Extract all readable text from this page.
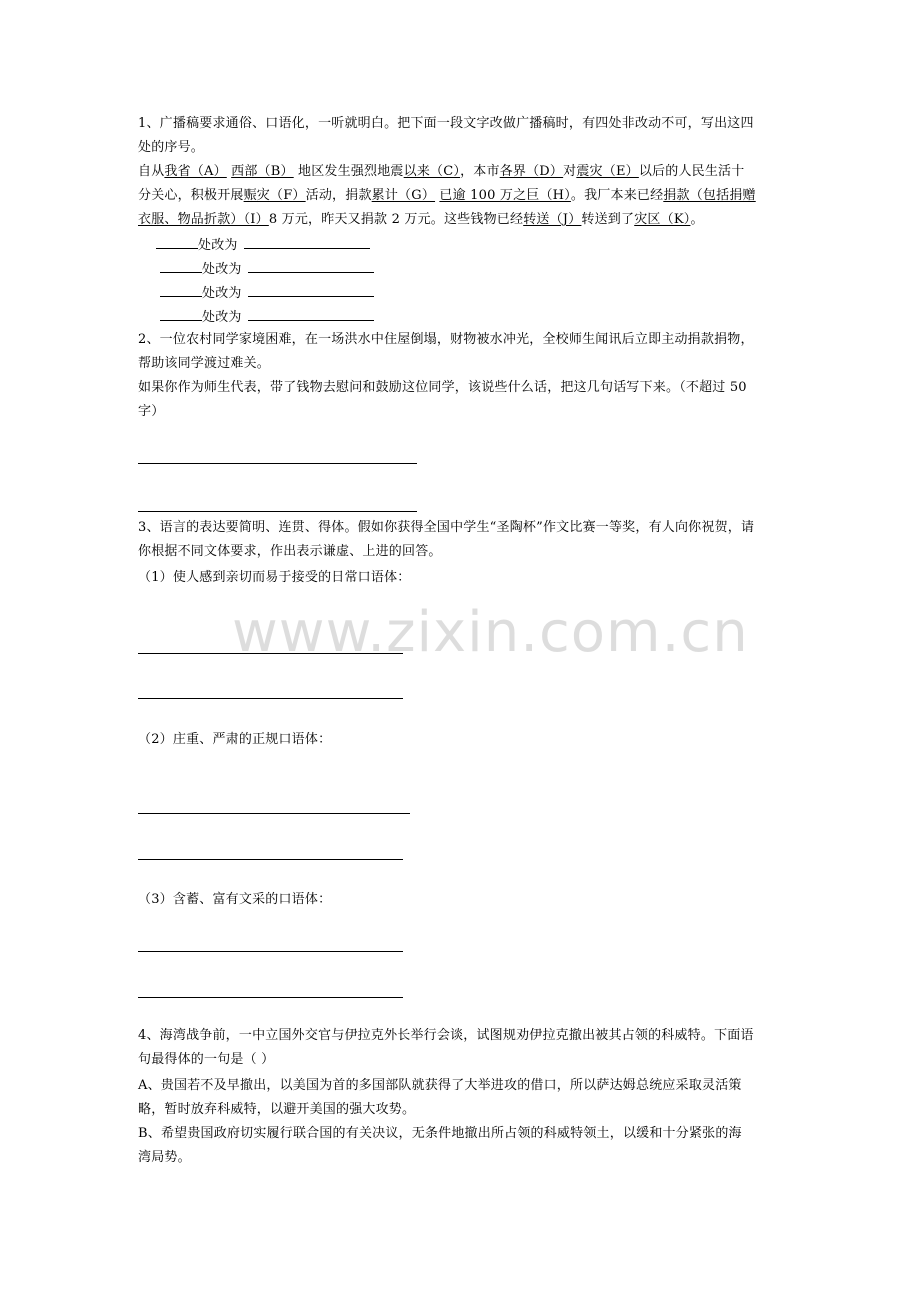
1、广播稿要求通俗、口语化，一听就明白。把下面一段文字改做广播稿时，有四处非改动不可，写出这四
处的序号。
自从我省（A） 西部（B） 地区发生强烈地震以来（C），本市各界（D）对震灾（E）以后的人民生活十
分关心，积极开展赈灾（F）活动，捐款累计（G） 已逾 100 万之巨（H）。我厂本来已经捐款（包括捐赠
衣服、物品折款）（I）8 万元，昨天又捐款 2 万元。这些钱物已经转送（J）转送到了灾区（K）。
处改为
处改为
处改为
处改为
2、一位农村同学家境困难，在一场洪水中住屋倒塌，财物被水冲光，全校师生闻讯后立即主动捐款捐物，
帮助该同学渡过难关。
如果你作为师生代表，带了钱物去慰问和鼓励这位同学，该说些什么话，把这几句话写下来。（不超过 50
字）
3、语言的表达要简明、连贯、得体。假如你获得全国中学生“圣陶杯”作文比赛一等奖，有人向你祝贺，请
你根据不同文体要求，作出表示谦虚、上进的回答。
（1）使人感到亲切而易于接受的日常口语体：
（2）庄重、严肃的正规口语体：
（3）含蓄、富有文采的口语体：
4、海湾战争前，一中立国外交官与伊拉克外长举行会谈，试图规劝伊拉克撤出被其占领的科威特。下面语
句最得体的一句是（ ）
A、贵国若不及早撤出，以美国为首的多国部队就获得了大举进攻的借口，所以萨达姆总统应采取灵活策
略，暂时放弃科威特，以避开美国的强大攻势。
B、希望贵国政府切实履行联合国的有关决议，无条件地撤出所占领的科威特领土，以缓和十分紧张的海
湾局势。
www.zixin.com.cn
